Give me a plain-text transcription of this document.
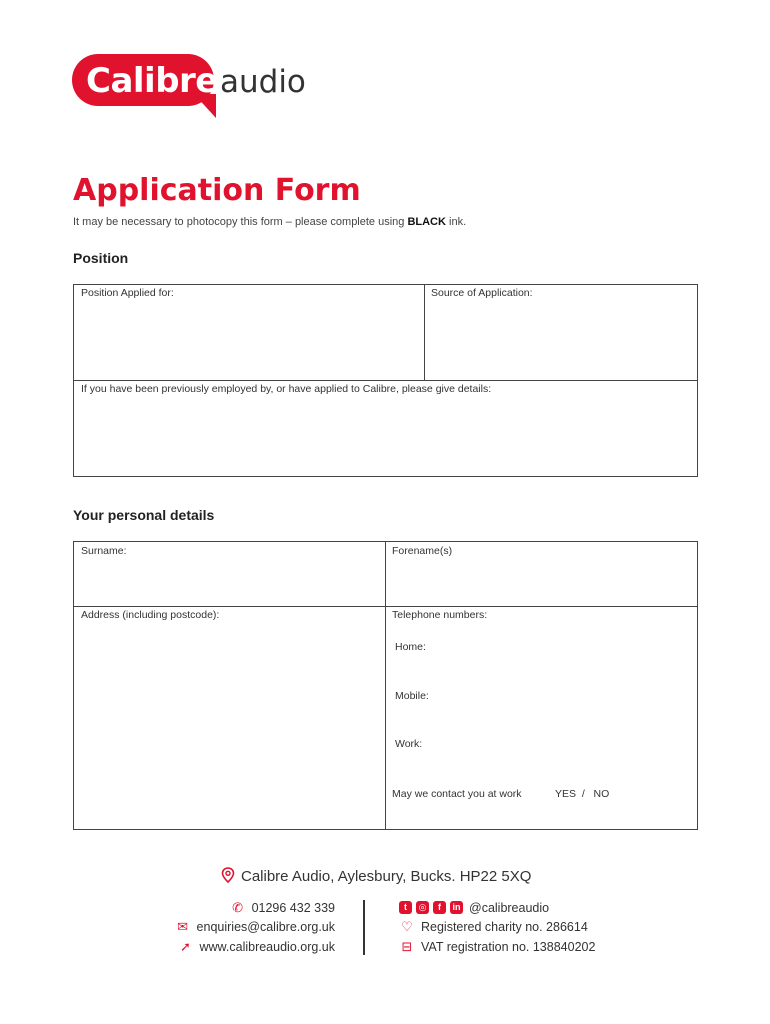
Calibre audio
Application Form

It may be necessary to photocopy this form – please complete using BLACK ink.

Position
Position Applied for:	Source of Application:
If you have been previously employed by, or have applied to Calibre, please give details:
Your personal details
Surname:	Forename(s)
Address (including postcode):	Telephone numbers:
Home:
Mobile:
Work:
May we contact you at work	YES  /   NO
Calibre Audio, Aylesbury, Bucks. HP22 5XQ
✆ 01296 432 339
✉ enquiries@calibre.org.uk
➚ www.calibreaudio.org.uk
t	◎	f	in @calibreaudio
♡ Registered charity no. 286614
⊟ VAT registration no. 138840202
